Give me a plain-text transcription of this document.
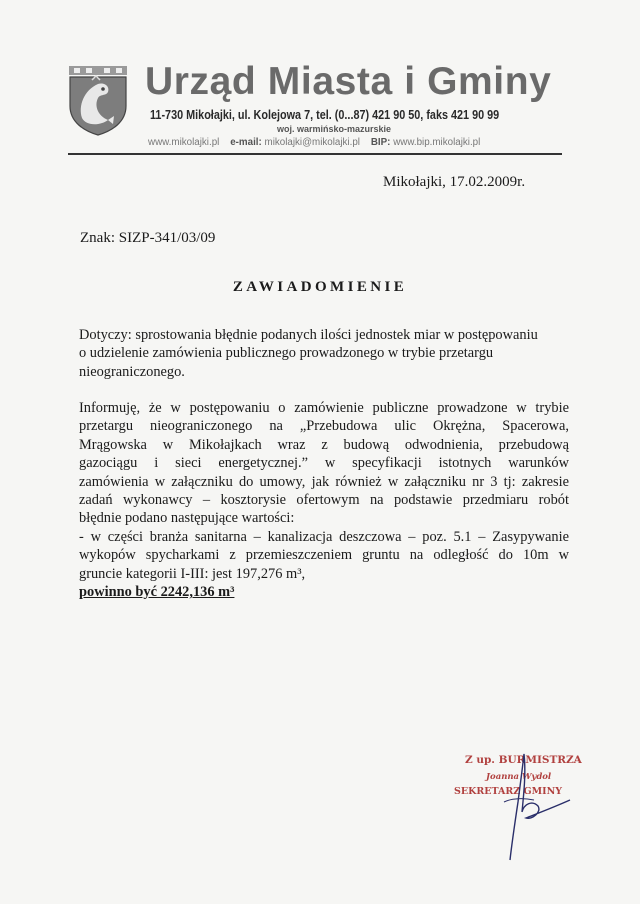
Urząd Miasta i Gminy
11-730 Mikołajki, ul. Kolejowa 7, tel. (0...87) 421 90 50, faks 421 90 99
woj. warmińsko-mazurskie
www.mikolajki.pl e-mail: mikolajki@mikolajki.pl BIP: www.bip.mikolajki.pl
Mikołajki, 17.02.2009r.
Znak: SIZP-341/03/09
ZAWIADOMIENIE
Dotyczy: sprostowania błędnie podanych ilości jednostek miar w postępowaniu
o udzielenie zamówienia publicznego prowadzonego w trybie przetargu
nieograniczonego.
Informuję, że w postępowaniu o zamówienie publiczne prowadzone w trybie
przetargu nieograniczonego na „Przebudowa ulic Okrężna, Spacerowa,
Mrągowska w Mikołajkach wraz z budową odwodnienia, przebudową
gazociągu i sieci energetycznej.” w specyfikacji istotnych warunków
zamówienia w załączniku do umowy, jak również w załączniku nr 3 tj: zakresie
zadań wykonawcy – kosztorysie ofertowym na podstawie przedmiaru robót
błędnie podano następujące wartości:
- w części branża sanitarna – kanalizacja deszczowa – poz. 5.1 – Zasypywanie
wykopów spycharkami z przemieszczeniem gruntu na odległość do 10m w
gruncie kategorii I-III: jest 197,276 m³,
powinno być 2242,136 m³
Z up. BURMISTRZA
Joanna Wydol
SEKRETARZ GMINY
